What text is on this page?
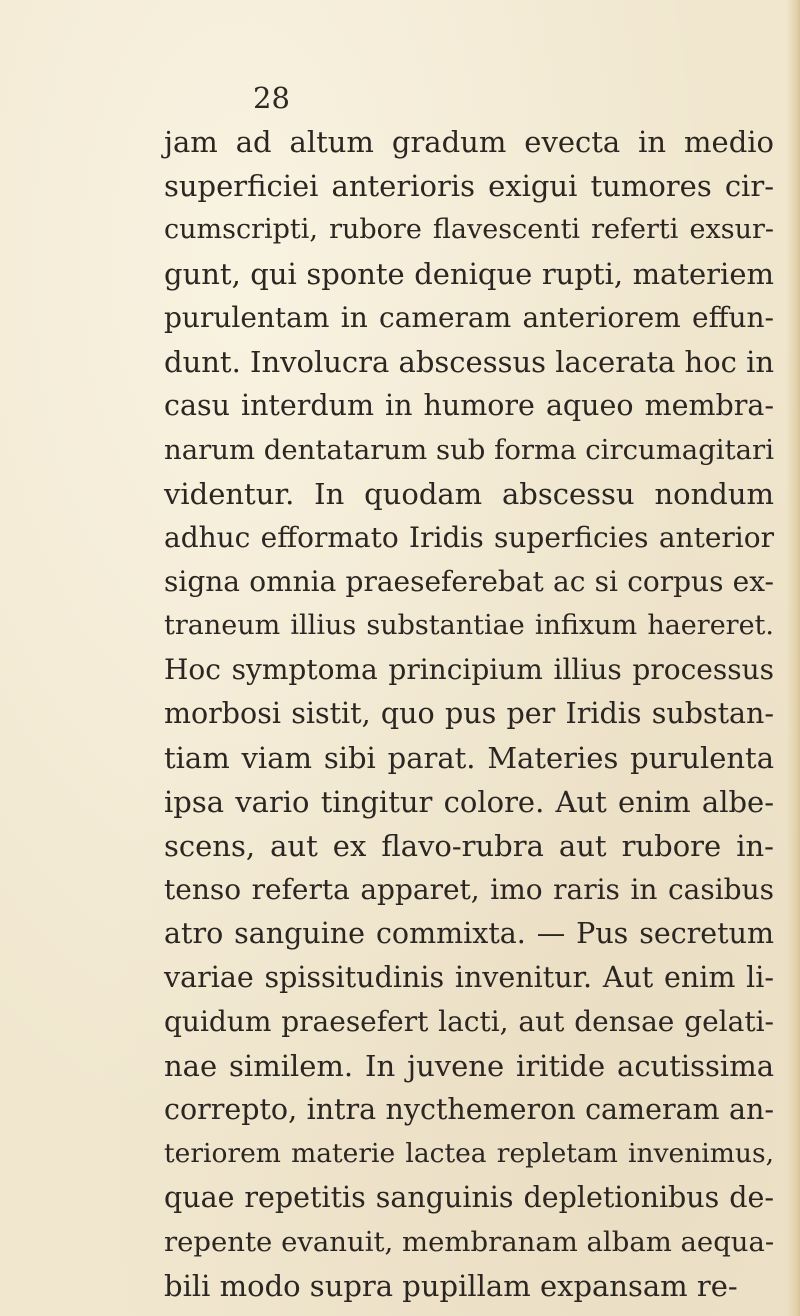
28
jam ad altum gradum evecta in medio
superficiei anterioris exigui tumores cir-
cumscripti, rubore flavescenti referti exsur-
gunt, qui sponte denique rupti, materiem
purulentam in cameram anteriorem effun-
dunt. Involucra abscessus lacerata hoc in
casu interdum in humore aqueo membra-
narum dentatarum sub forma circumagitari
videntur. In quodam abscessu nondum
adhuc efformato Iridis superficies anterior
signa omnia praeseferebat ac si corpus ex-
traneum illius substantiae infixum haereret.
Hoc symptoma principium illius processus
morbosi sistit, quo pus per Iridis substan-
tiam viam sibi parat. Materies purulenta
ipsa vario tingitur colore. Aut enim albe-
scens, aut ex flavo-rubra aut rubore in-
tenso referta apparet, imo raris in casibus
atro sanguine commixta. — Pus secretum
variae spissitudinis invenitur. Aut enim li-
quidum praesefert lacti, aut densae gelati-
nae similem. In juvene iritide acutissima
correpto, intra nycthemeron cameram an-
teriorem materie lactea repletam invenimus,
quae repetitis sanguinis depletionibus de-
repente evanuit, membranam albam aequa-
bili modo supra pupillam expansam re-
